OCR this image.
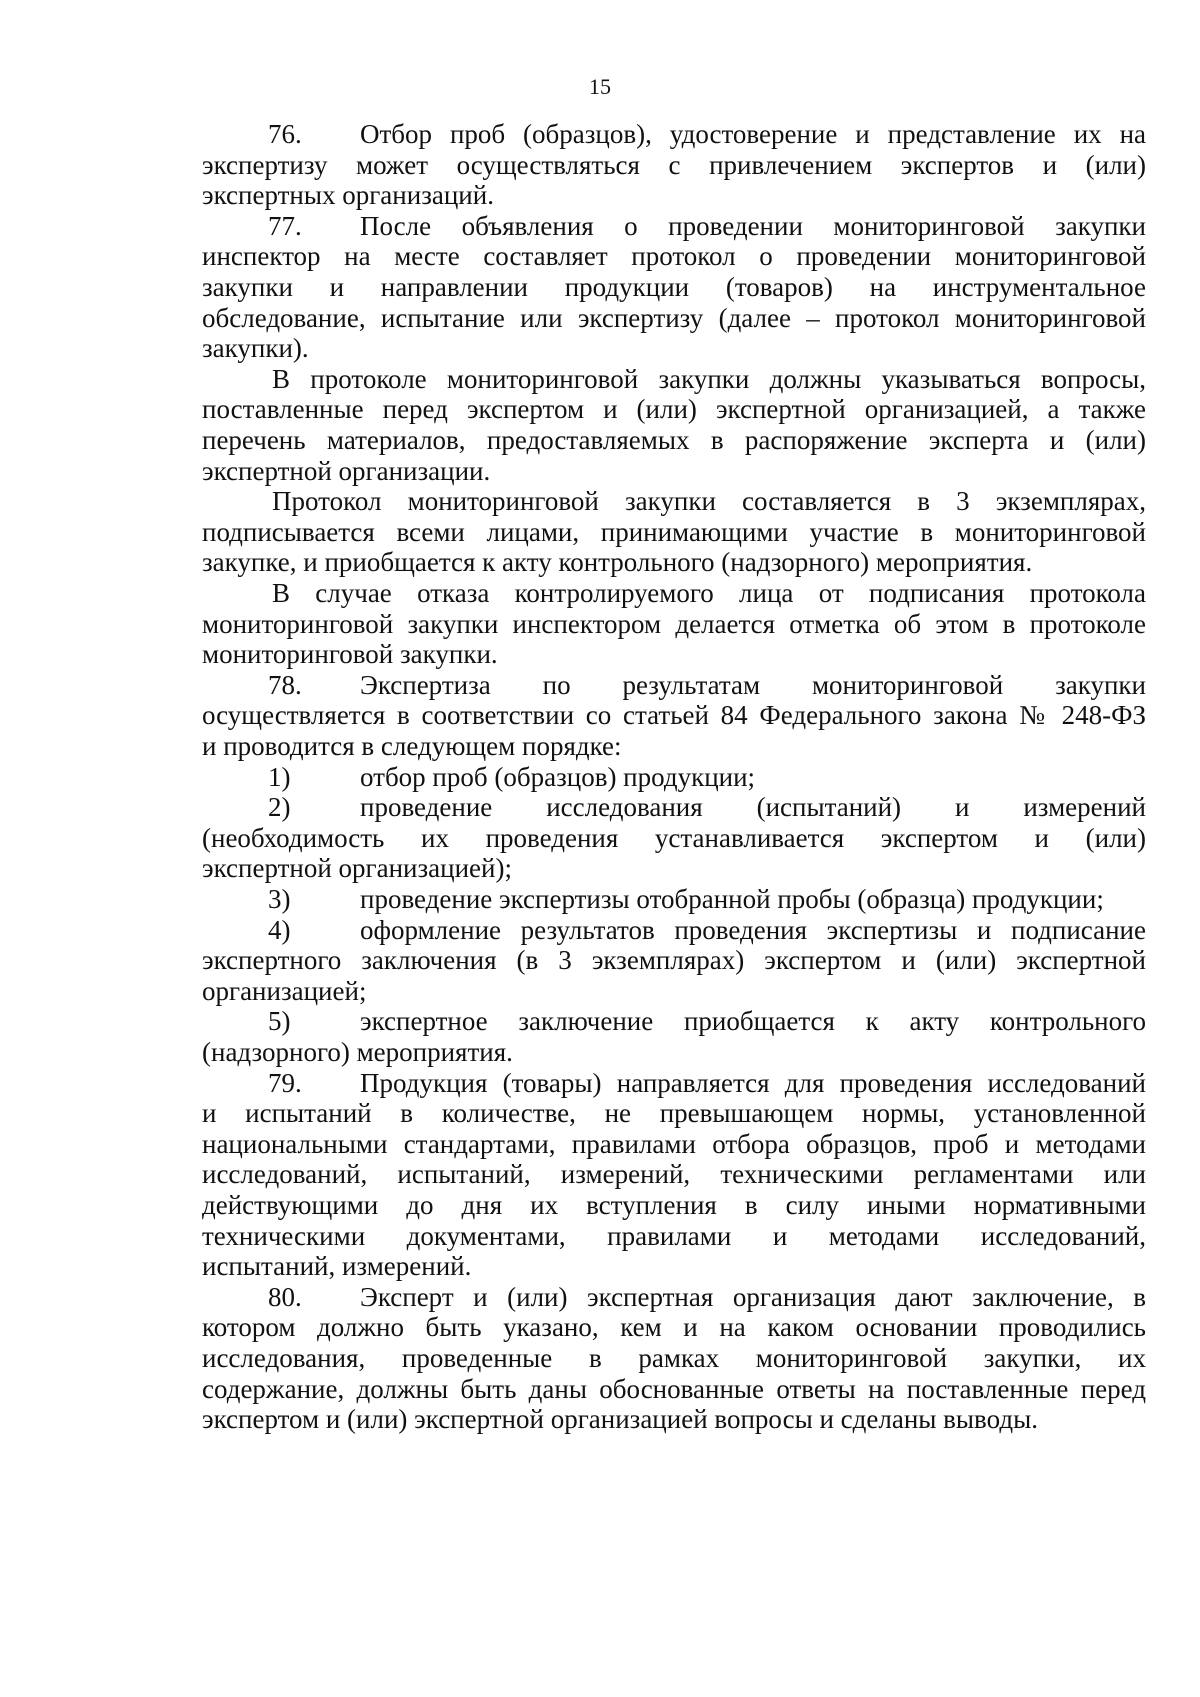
15
76. Отбор проб (образцов), удостоверение и представление их на
экспертизу может осуществляться с привлечением экспертов и (или)
экспертных организаций.
77. После объявления о проведении мониторинговой закупки
инспектор на месте составляет протокол о проведении мониторинговой
закупки и направлении продукции (товаров) на инструментальное
обследование, испытание или экспертизу (далее – протокол мониторинговой
закупки).
В протоколе мониторинговой закупки должны указываться вопросы,
поставленные перед экспертом и (или) экспертной организацией, а также
перечень материалов, предоставляемых в распоряжение эксперта и (или)
экспертной организации.
Протокол мониторинговой закупки составляется в 3 экземплярах,
подписывается всеми лицами, принимающими участие в мониторинговой
закупке, и приобщается к акту контрольного (надзорного) мероприятия.
В случае отказа контролируемого лица от подписания протокола
мониторинговой закупки инспектором делается отметка об этом в протоколе
мониторинговой закупки.
78. Экспертиза по результатам мониторинговой закупки
осуществляется в соответствии со статьей 84 Федерального закона № 248-ФЗ
и проводится в следующем порядке:
1)	отбор проб (образцов) продукции;
2)	проведение исследования (испытаний) и измерений
(необходимость их проведения устанавливается экспертом и (или)
экспертной организацией);
3)	проведение экспертизы отобранной пробы (образца) продукции;
4)	оформление результатов проведения экспертизы и подписание
экспертного заключения (в 3 экземплярах) экспертом и (или) экспертной
организацией;
5)	экспертное заключение приобщается к акту контрольного
(надзорного) мероприятия.
79. Продукция (товары) направляется для проведения исследований
и испытаний в количестве, не превышающем нормы, установленной
национальными стандартами, правилами отбора образцов, проб и методами
исследований, испытаний, измерений, техническими регламентами или
действующими до дня их вступления в силу иными нормативными
техническими документами, правилами и методами исследований,
испытаний, измерений.
80. Эксперт и (или) экспертная организация дают заключение, в
котором должно быть указано, кем и на каком основании проводились
исследования, проведенные в рамках мониторинговой закупки, их
содержание, должны быть даны обоснованные ответы на поставленные перед
экспертом и (или) экспертной организацией вопросы и сделаны выводы.
